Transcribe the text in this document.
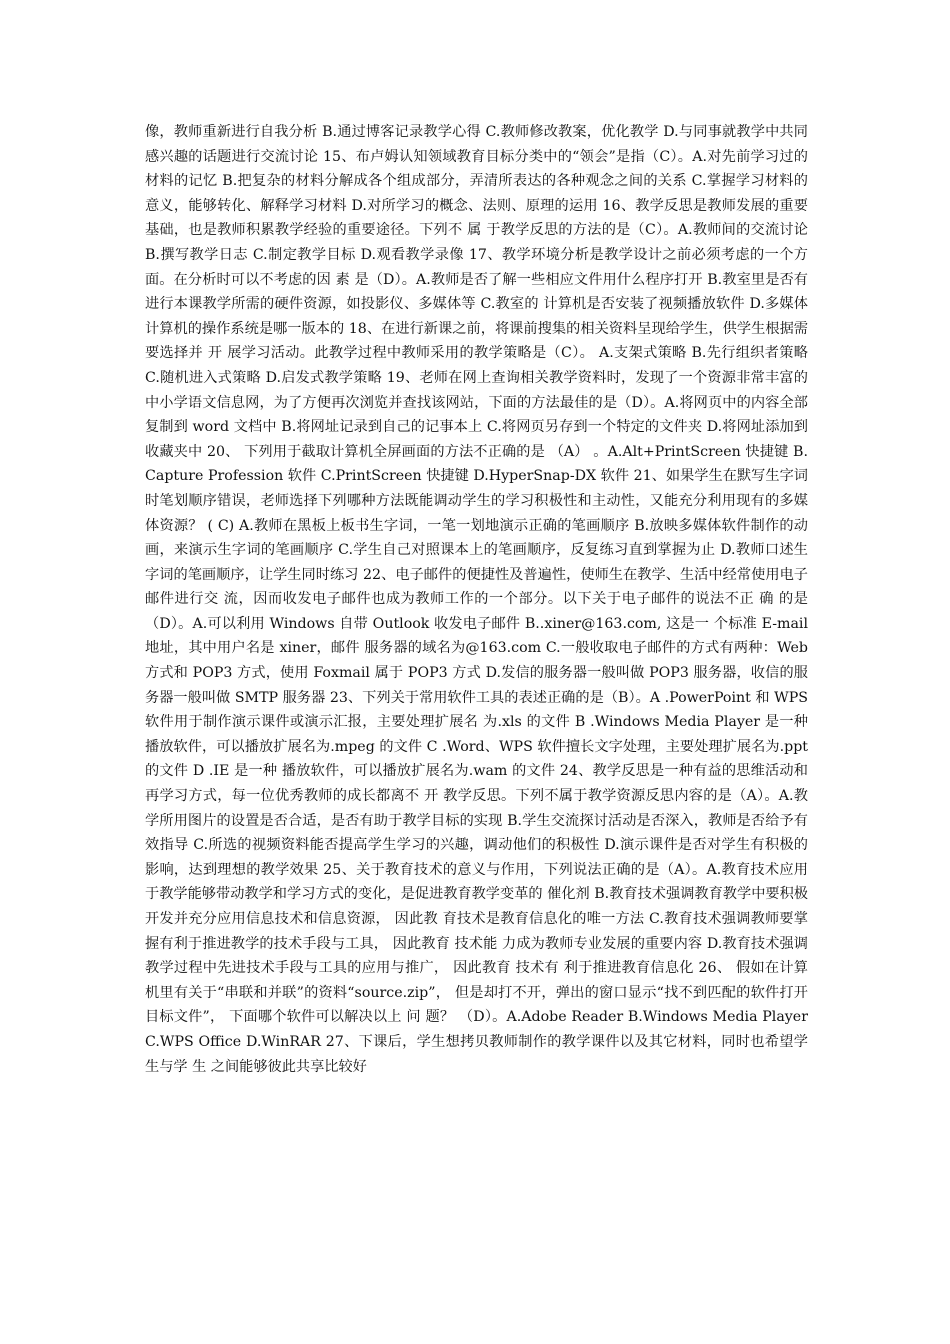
像，教师重新进行自我分析 B.通过博客记录教学心得 C.教师修改教案，优化教学 D.与同事就教学中共同感兴趣的话题进行交流讨论 15、布卢姆认知领域教育目标分类中的“领会”是指（C）。A.对先前学习过的材料的记忆 B.把复杂的材料分解成各个组成部分，弄清所表达的各种观念之间的关系 C.掌握学习材料的意义，能够转化、解释学习材料 D.对所学习的概念、法则、原理的运用 16、教学反思是教师发展的重要基础，也是教师积累教学经验的重要途径。下列不 属 于教学反思的方法的是（C）。A.教师间的交流讨论 B.撰写教学日志 C.制定教学目标 D.观看教学录像 17、教学环境分析是教学设计之前必须考虑的一个方面。在分析时可以不考虑的因 素 是（D）。A.教师是否了解一些相应文件用什么程序打开 B.教室里是否有进行本课教学所需的硬件资源，如投影仪、多媒体等 C.教室的 计算机是否安装了视频播放软件 D.多媒体计算机的操作系统是哪一版本的 18、在进行新课之前，将课前搜集的相关资料呈现给学生，供学生根据需要选择并 开 展学习活动。此教学过程中教师采用的教学策略是（C）。 A.支架式策略 B.先行组织者策略 C.随机进入式策略 D.启发式教学策略 19、老师在网上查询相关教学资料时，发现了一个资源非常丰富的中小学语文信息网，为了方便再次浏览并查找该网站，下面的方法最佳的是（D）。A.将网页中的内容全部复制到 word 文档中 B.将网址记录到自己的记事本上 C.将网页另存到一个特定的文件夹 D.将网址添加到收藏夹中 20、 下列用于截取计算机全屏画面的方法不正确的是 （A） 。A.Alt+PrintScreen 快捷键 B.Capture Profession 软件 C.PrintScreen 快捷键 D.HyperSnap-DX 软件 21、如果学生在默写生字词时笔划顺序错误，老师选择下列哪种方法既能调动学生的学习积极性和主动性，又能充分利用现有的多媒体资源？ ( C) A.教师在黑板上板书生字词，一笔一划地演示正确的笔画顺序 B.放映多媒体软件制作的动画，来演示生字词的笔画顺序 C.学生自己对照课本上的笔画顺序，反复练习直到掌握为止 D.教师口述生字词的笔画顺序，让学生同时练习 22、电子邮件的便捷性及普遍性，使师生在教学、生活中经常使用电子邮件进行交 流，因而收发电子邮件也成为教师工作的一个部分。以下关于电子邮件的说法不正 确 的是（D）。A.可以利用 Windows 自带 Outlook 收发电子邮件 B..xiner@163.com, 这是一 个标准 E-mail 地址，其中用户名是 xiner，邮件 服务器的域名为@163.com C.一般收取电子邮件的方式有两种：Web 方式和 POP3 方式，使用 Foxmail 属于 POP3 方式 D.发信的服务器一般叫做 POP3 服务器，收信的服务器一般叫做 SMTP 服务器 23、下列关于常用软件工具的表述正确的是（B）。A .PowerPoint 和 WPS 软件用于制作演示课件或演示汇报，主要处理扩展名 为.xls 的文件 B .Windows Media Player 是一种播放软件，可以播放扩展名为.mpeg 的文件 C .Word、WPS 软件擅长文字处理，主要处理扩展名为.ppt 的文件 D .IE 是一种 播放软件，可以播放扩展名为.wam 的文件 24、教学反思是一种有益的思维活动和再学习方式，每一位优秀教师的成长都离不 开 教学反思。下列不属于教学资源反思内容的是（A）。A.教学所用图片的设置是否合适，是否有助于教学目标的实现 B.学生交流探讨活动是否深入，教师是否给予有效指导 C.所选的视频资料能否提高学生学习的兴趣，调动他们的积极性 D.演示课件是否对学生有积极的影响，达到理想的教学效果 25、关于教育技术的意义与作用，下列说法正确的是（A）。A.教育技术应用于教学能够带动教学和学习方式的变化，是促进教育教学变革的 催化剂 B.教育技术强调教育教学中要积极开发并充分应用信息技术和信息资源， 因此教 育技术是教育信息化的唯一方法 C.教育技术强调教师要掌握有利于推进教学的技术手段与工具， 因此教育 技术能 力成为教师专业发展的重要内容 D.教育技术强调教学过程中先进技术手段与工具的应用与推广， 因此教育 技术有 利于推进教育信息化 26、 假如在计算机里有关于“串联和并联”的资料“source.zip”， 但是却打不开，弹出的窗口显示“找不到匹配的软件打开目标文件”， 下面哪个软件可以解决以上 问 题？ （D）。A.Adobe Reader B.Windows Media Player C.WPS Office D.WinRAR 27、下课后，学生想拷贝教师制作的教学课件以及其它材料，同时也希望学生与学 生 之间能够彼此共享比较好
